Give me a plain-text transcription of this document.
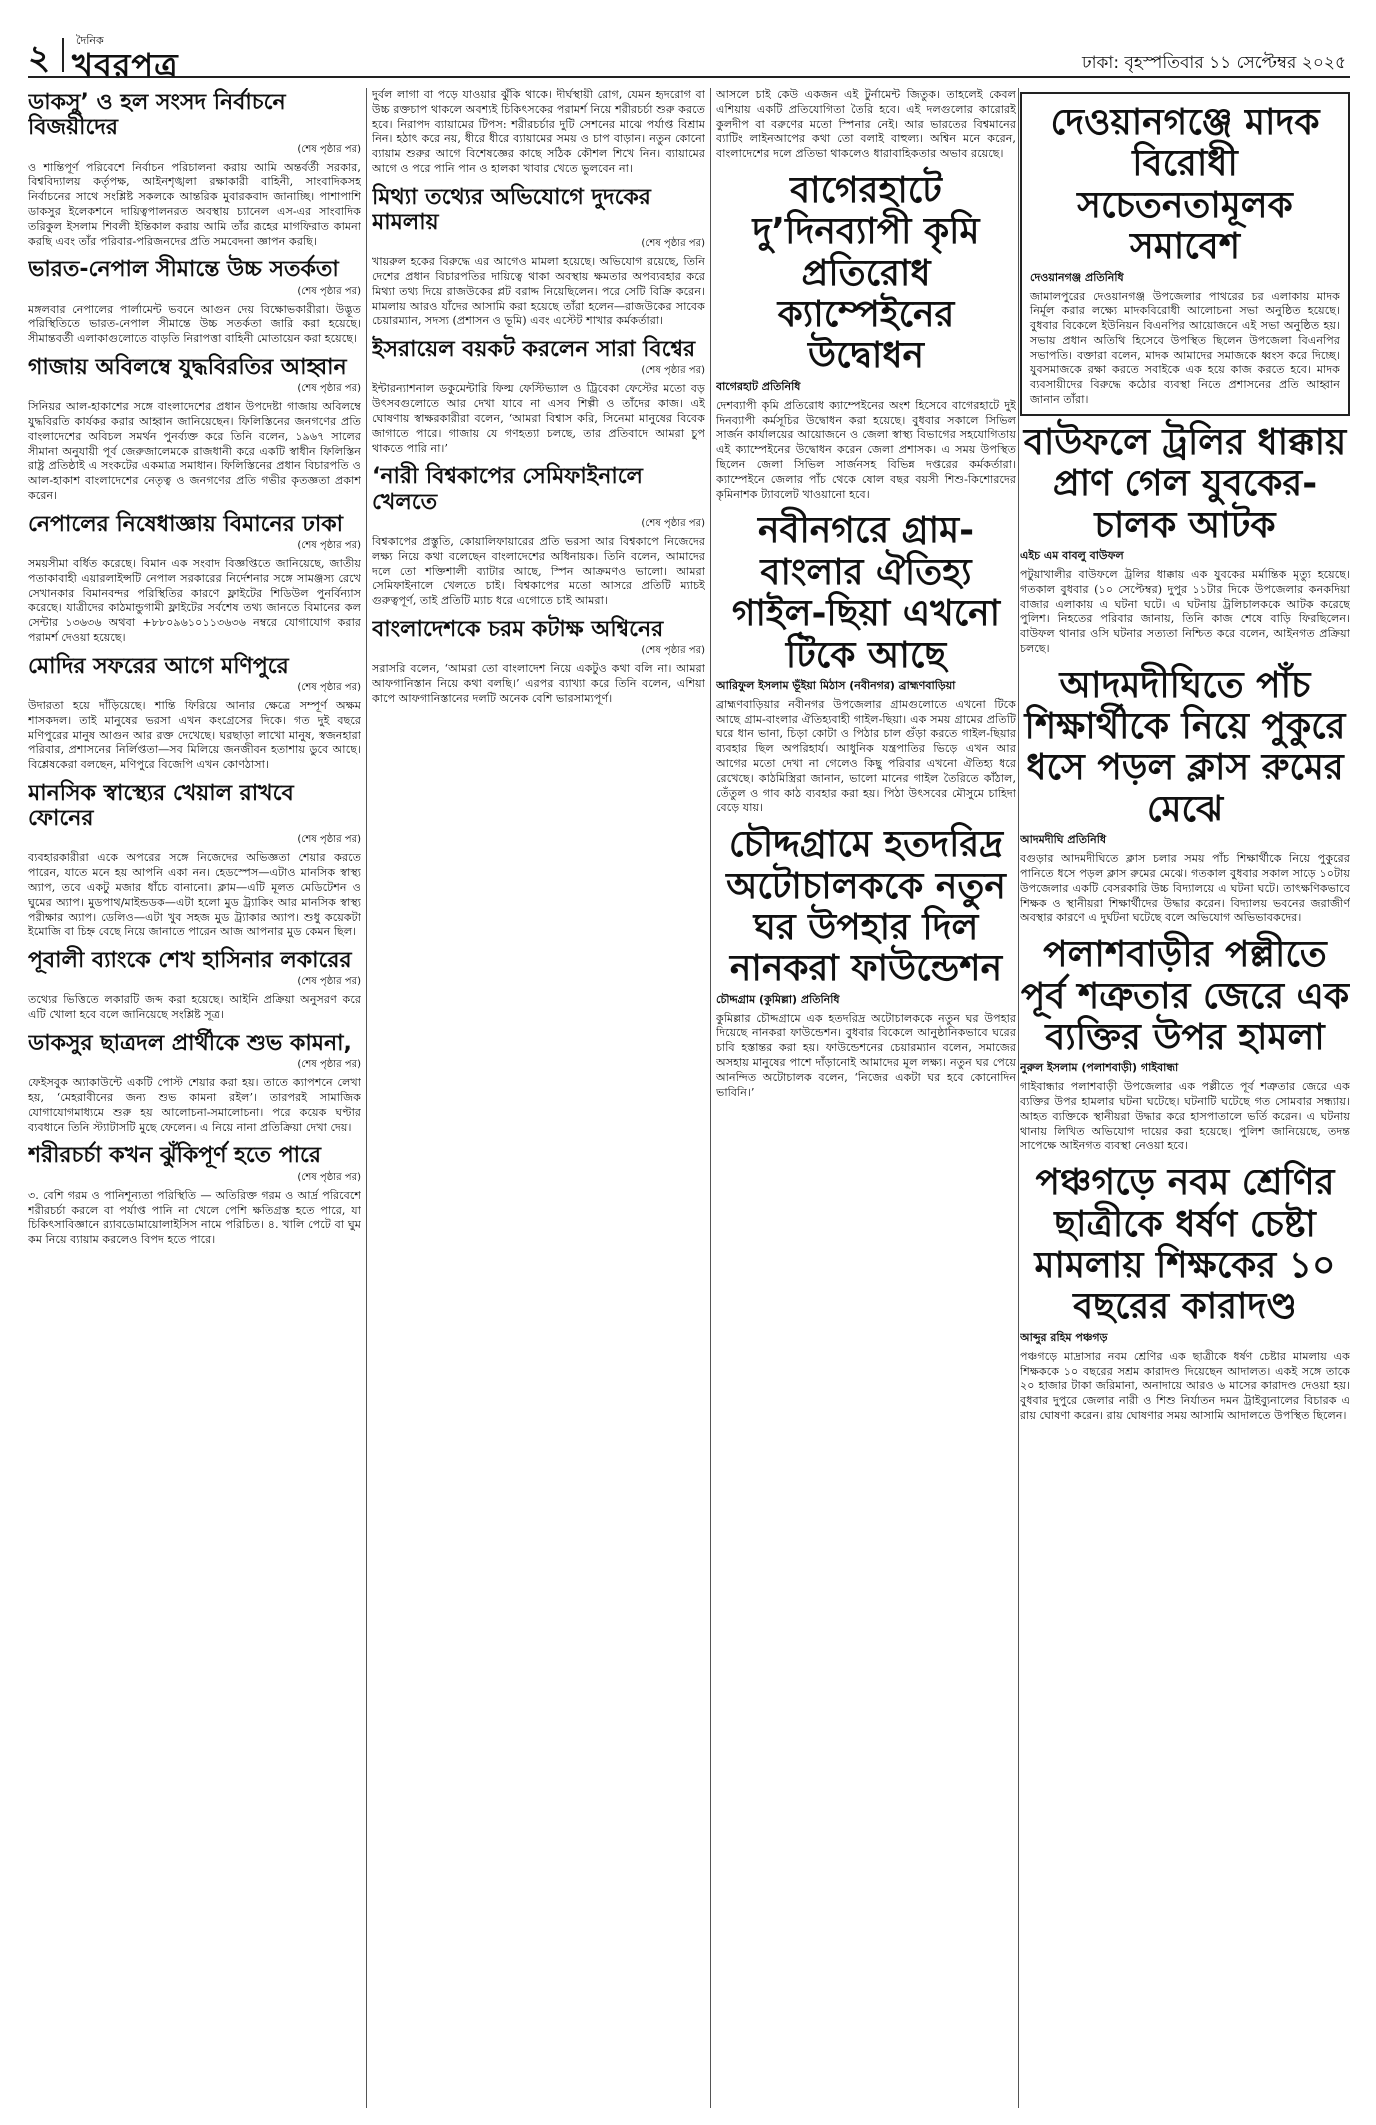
২ দৈনিক
খবরপত্র	ঢাকা: বৃহস্পতিবার ১১ সেপ্টেম্বর ২০২৫
ডাকসু’ ও হল সংসদ নির্বাচনে বিজয়ীদের
(শেষ পৃষ্ঠার পর)

ও শান্তিপূর্ণ পরিবেশে নির্বাচন পরিচালনা করায় আমি অন্তর্বর্তী সরকার, বিশ্ববিদ্যালয় কর্তৃপক্ষ, আইনশৃঙ্খলা রক্ষাকারী বাহিনী, সাংবাদিকসহ নির্বাচনের সাথে সংশ্লিষ্ট সকলকে আন্তরিক মুবারকবাদ জানাচ্ছি। পাশাপাশি ডাকসুর ইলেকশনে দায়িত্বপালনরত অবস্থায় চ্যানেল এস-এর সাংবাদিক তরিকুল ইসলাম শিবলী ইন্তিকাল করায় আমি তাঁর রূহের মাগফিরাত কামনা করছি এবং তাঁর পরিবার-পরিজনদের প্রতি সমবেদনা জ্ঞাপন করছি।

ভারত-নেপাল সীমান্তে উচ্চ সতর্কতা
(শেষ পৃষ্ঠার পর)

মঙ্গলবার নেপালের পার্লামেন্ট ভবনে আগুন দেয় বিক্ষোভকারীরা। উদ্ভূত পরিস্থিতিতে ভারত-নেপাল সীমান্তে উচ্চ সতর্কতা জারি করা হয়েছে। সীমান্তবর্তী এলাকাগুলোতে বাড়তি নিরাপত্তা বাহিনী মোতায়েন করা হয়েছে।

গাজায় অবিলম্বে যুদ্ধবিরতির আহ্বান
(শেষ পৃষ্ঠার পর)

সিনিয়র আল-হাকাশের সঙ্গে বাংলাদেশের প্রধান উপদেষ্টা গাজায় অবিলম্বে যুদ্ধবিরতি কার্যকর করার আহ্বান জানিয়েছেন। ফিলিস্তিনের জনগণের প্রতি বাংলাদেশের অবিচল সমর্থন পুনর্ব্যক্ত করে তিনি বলেন, ১৯৬৭ সালের সীমানা অনুযায়ী পূর্ব জেরুজালেমকে রাজধানী করে একটি স্বাধীন ফিলিস্তিন রাষ্ট্র প্রতিষ্ঠাই এ সংকটের একমাত্র সমাধান। ফিলিস্তিনের প্রধান বিচারপতি ও আল-হাকাশ বাংলাদেশের নেতৃত্ব ও জনগণের প্রতি গভীর কৃতজ্ঞতা প্রকাশ করেন।

নেপালের নিষেধাজ্ঞায় বিমানের ঢাকা
(শেষ পৃষ্ঠার পর)

সময়সীমা বর্ধিত করেছে। বিমান এক সংবাদ বিজ্ঞপ্তিতে জানিয়েছে, জাতীয় পতাকাবাহী এয়ারলাইন্সটি নেপাল সরকারের নির্দেশনার সঙ্গে সামঞ্জস্য রেখে সেখানকার বিমানবন্দর পরিস্থিতির কারণে ফ্লাইটের শিডিউল পুনর্বিন্যাস করেছে। যাত্রীদের কাঠমান্ডুগামী ফ্লাইটের সর্বশেষ তথ্য জানতে বিমানের কল সেন্টার ১৩৬৩৬ অথবা +৮৮০৯৬১০১১৩৬৩৬ নম্বরে যোগাযোগ করার পরামর্শ দেওয়া হয়েছে।

মোদির সফরের আগে মণিপুরে
(শেষ পৃষ্ঠার পর)

উদারতা হয়ে দাঁড়িয়েছে। শান্তি ফিরিয়ে আনার ক্ষেত্রে সম্পূর্ণ অক্ষম শাসকদল। তাই মানুষের ভরসা এখন কংগ্রেসের দিকে। গত দুই বছরে মণিপুরের মানুষ আগুন আর রক্ত দেখেছে। ঘরছাড়া লাখো মানুষ, স্বজনহারা পরিবার, প্রশাসনের নির্লিপ্ততা—সব মিলিয়ে জনজীবন হতাশায় ডুবে আছে। বিশ্লেষকেরা বলছেন, মণিপুরে বিজেপি এখন কোণঠাসা।

মানসিক স্বাস্থ্যের খেয়াল রাখবে ফোনের
(শেষ পৃষ্ঠার পর)

ব্যবহারকারীরা একে অপরের সঙ্গে নিজেদের অভিজ্ঞতা শেয়ার করতে পারেন, যাতে মনে হয় আপনি একা নন। হেডস্পেস—এটাও মানসিক স্বাস্থ্য অ্যাপ, তবে একটু মজার ধাঁচে বানানো। ক্লাম—এটি মূলত মেডিটেশন ও ঘুমের অ্যাপ। মুডপাথ/মাইন্ডডক—এটা হলো মুড ট্র্যাকিং আর মানসিক স্বাস্থ্য পরীক্ষার অ্যাপ। ডেলিও—এটা খুব সহজ মুড ট্র্যাকার অ্যাপ। শুধু কয়েকটা ইমোজি বা চিহ্ন বেছে নিয়ে জানাতে পারেন আজ আপনার মুড কেমন ছিল।

পূবালী ব্যাংকে শেখ হাসিনার লকারের
(শেষ পৃষ্ঠার পর)

তথ্যের ভিত্তিতে লকারটি জব্দ করা হয়েছে। আইনি প্রক্রিয়া অনুসরণ করে এটি খোলা হবে বলে জানিয়েছে সংশ্লিষ্ট সূত্র।

ডাকসুর ছাত্রদল প্রার্থীকে শুভ কামনা,
(শেষ পৃষ্ঠার পর)

ফেইসবুক অ্যাকাউন্টে একটি পোস্ট শেয়ার করা হয়। তাতে ক্যাপশনে লেখা হয়, ‘মেহরাবীনের জন্য শুভ কামনা রইল’। তারপরই সামাজিক যোগাযোগমাধ্যমে শুরু হয় আলোচনা-সমালোচনা। পরে কয়েক ঘণ্টার ব্যবধানে তিনি স্ট্যাটাসটি মুছে ফেলেন। এ নিয়ে নানা প্রতিক্রিয়া দেখা দেয়।

শরীরচর্চা কখন ঝুঁকিপূর্ণ হতে পারে
(শেষ পৃষ্ঠার পর)

৩. বেশি গরম ও পানিশূন্যতা পরিস্থিতি — অতিরিক্ত গরম ও আর্দ্র পরিবেশে শরীরচর্চা করলে বা পর্যাপ্ত পানি না খেলে পেশি ক্ষতিগ্রস্ত হতে পারে, যা চিকিৎসাবিজ্ঞানে র‍্যাবডোমায়োলাইসিস নামে পরিচিত। ৪. খালি পেটে বা ঘুম কম নিয়ে ব্যায়াম করলেও বিপদ হতে পারে।

দুর্বল লাগা বা পড়ে যাওয়ার ঝুঁকি থাকে। দীর্ঘস্থায়ী রোগ, যেমন হৃদরোগ বা উচ্চ রক্তচাপ থাকলে অবশ্যই চিকিৎসকের পরামর্শ নিয়ে শরীরচর্চা শুরু করতে হবে। নিরাপদ ব্যায়ামের টিপস: শরীরচর্চার দুটি সেশনের মাঝে পর্যাপ্ত বিশ্রাম নিন। হঠাৎ করে নয়, ধীরে ধীরে ব্যায়ামের সময় ও চাপ বাড়ান। নতুন কোনো ব্যায়াম শুরুর আগে বিশেষজ্ঞের কাছে সঠিক কৌশল শিখে নিন। ব্যায়ামের আগে ও পরে পানি পান ও হালকা খাবার খেতে ভুলবেন না।

মিথ্যা তথ্যের অভিযোগে দুদকের মামলায়
(শেষ পৃষ্ঠার পর)

খায়রুল হকের বিরুদ্ধে এর আগেও মামলা হয়েছে। অভিযোগ রয়েছে, তিনি দেশের প্রধান বিচারপতির দায়িত্বে থাকা অবস্থায় ক্ষমতার অপব্যবহার করে মিথ্যা তথ্য দিয়ে রাজউকের প্লট বরাদ্দ নিয়েছিলেন। পরে সেটি বিক্রি করেন। মামলায় আরও যাঁদের আসামি করা হয়েছে তাঁরা হলেন—রাজউকের সাবেক চেয়ারম্যান, সদস্য (প্রশাসন ও ভূমি) এবং এস্টেট শাখার কর্মকর্তারা।

ইসরায়েল বয়কট করলেন সারা বিশ্বের
(শেষ পৃষ্ঠার পর)

ইন্টারন্যাশনাল ডকুমেন্টারি ফিল্ম ফেস্টিভ্যাল ও ট্রিবেকা ফেস্টের মতো বড় উৎসবগুলোতে আর দেখা যাবে না এসব শিল্পী ও তাঁদের কাজ। এই ঘোষণায় স্বাক্ষরকারীরা বলেন, ‘আমরা বিশ্বাস করি, সিনেমা মানুষের বিবেক জাগাতে পারে। গাজায় যে গণহত্যা চলছে, তার প্রতিবাদে আমরা চুপ থাকতে পারি না।’

‘নারী বিশ্বকাপের সেমিফাইনালে খেলতে
(শেষ পৃষ্ঠার পর)

বিশ্বকাপের প্রস্তুতি, কোয়ালিফায়ারের প্রতি ভরসা আর বিশ্বকাপে নিজেদের লক্ষ্য নিয়ে কথা বলেছেন বাংলাদেশের অধিনায়ক। তিনি বলেন, আমাদের দলে তো শক্তিশালী ব্যাটার আছে, স্পিন আক্রমণও ভালো। আমরা সেমিফাইনালে খেলতে চাই। বিশ্বকাপের মতো আসরে প্রতিটি ম্যাচই গুরুত্বপূর্ণ, তাই প্রতিটি ম্যাচ ধরে এগোতে চাই আমরা।

বাংলাদেশকে চরম কটাক্ষ অশ্বিনের
(শেষ পৃষ্ঠার পর)

সরাসরি বলেন, ‘আমরা তো বাংলাদেশ নিয়ে একটুও কথা বলি না। আমরা আফগানিস্তান নিয়ে কথা বলছি।’ এরপর ব্যাখ্যা করে তিনি বলেন, এশিয়া কাপে আফগানিস্তানের দলটি অনেক বেশি ভারসাম্যপূর্ণ।

আসলে চাই কেউ একজন এই টুর্নামেন্ট জিতুক। তাহলেই কেবল এশিয়ায় একটি প্রতিযোগিতা তৈরি হবে। এই দলগুলোর কারোরই কুলদীপ বা বরুণের মতো স্পিনার নেই। আর ভারতের বিশ্বমানের ব্যাটিং লাইনআপের কথা তো বলাই বাহুল্য। অশ্বিন মনে করেন, বাংলাদেশের দলে প্রতিভা থাকলেও ধারাবাহিকতার অভাব রয়েছে।

বাগেরহাটে দু’দিনব্যাপী কৃমি প্রতিরোধ ক্যাম্পেইনের উদ্বোধন
বাগেরহাট প্রতিনিধি

দেশব্যাপী কৃমি প্রতিরোধ ক্যাম্পেইনের অংশ হিসেবে বাগেরহাটে দুই দিনব্যাপী কর্মসূচির উদ্বোধন করা হয়েছে। বুধবার সকালে সিভিল সার্জন কার্যালয়ের আয়োজনে ও জেলা স্বাস্থ্য বিভাগের সহযোগিতায় এই ক্যাম্পেইনের উদ্বোধন করেন জেলা প্রশাসক। এ সময় উপস্থিত ছিলেন জেলা সিভিল সার্জনসহ বিভিন্ন দপ্তরের কর্মকর্তারা। ক্যাম্পেইনে জেলার পাঁচ থেকে ষোল বছর বয়সী শিশু-কিশোরদের কৃমিনাশক ট্যাবলেট খাওয়ানো হবে।

নবীনগরে গ্রাম-বাংলার ঐতিহ্য গাইল-ছিয়া এখনো টিকে আছে
আরিফুল ইসলাম ভূঁইয়া মিঠাস (নবীনগর) ব্রাহ্মণবাড়িয়া

ব্রাহ্মণবাড়িয়ার নবীনগর উপজেলার গ্রামগুলোতে এখনো টিকে আছে গ্রাম-বাংলার ঐতিহ্যবাহী গাইল-ছিয়া। এক সময় গ্রামের প্রতিটি ঘরে ধান ভানা, চিড়া কোটা ও পিঠার চাল গুঁড়া করতে গাইল-ছিয়ার ব্যবহার ছিল অপরিহার্য। আধুনিক যন্ত্রপাতির ভিড়ে এখন আর আগের মতো দেখা না গেলেও কিছু পরিবার এখনো ঐতিহ্য ধরে রেখেছে। কাঠমিস্ত্রিরা জানান, ভালো মানের গাইল তৈরিতে কাঁঠাল, তেঁতুল ও গাব কাঠ ব্যবহার করা হয়। পিঠা উৎসবের মৌসুমে চাহিদা বেড়ে যায়।

চৌদ্দগ্রামে হতদরিদ্র অটোচালককে নতুন ঘর উপহার দিল নানকরা ফাউন্ডেশন
চৌদ্দগ্রাম (কুমিল্লা) প্রতিনিধি

কুমিল্লার চৌদ্দগ্রামে এক হতদরিদ্র অটোচালককে নতুন ঘর উপহার দিয়েছে নানকরা ফাউন্ডেশন। বুধবার বিকেলে আনুষ্ঠানিকভাবে ঘরের চাবি হস্তান্তর করা হয়। ফাউন্ডেশনের চেয়ারম্যান বলেন, সমাজের অসহায় মানুষের পাশে দাঁড়ানোই আমাদের মূল লক্ষ্য। নতুন ঘর পেয়ে আনন্দিত অটোচালক বলেন, ‘নিজের একটা ঘর হবে কোনোদিন ভাবিনি।’

দেওয়ানগঞ্জে মাদক বিরোধী সচেতনতামূলক সমাবেশ
দেওয়ানগঞ্জ প্রতিনিধি

জামালপুরের দেওয়ানগঞ্জ উপজেলার পাথরের চর এলাকায় মাদক নির্মূল করার লক্ষ্যে মাদকবিরোধী আলোচনা সভা অনুষ্ঠিত হয়েছে। বুধবার বিকেলে ইউনিয়ন বিএনপির আয়োজনে এই সভা অনুষ্ঠিত হয়। সভায় প্রধান অতিথি হিসেবে উপস্থিত ছিলেন উপজেলা বিএনপির সভাপতি। বক্তারা বলেন, মাদক আমাদের সমাজকে ধ্বংস করে দিচ্ছে। যুবসমাজকে রক্ষা করতে সবাইকে এক হয়ে কাজ করতে হবে। মাদক ব্যবসায়ীদের বিরুদ্ধে কঠোর ব্যবস্থা নিতে প্রশাসনের প্রতি আহ্বান জানান তাঁরা।

বাউফলে ট্রলির ধাক্কায় প্রাণ গেল যুবকের-চালক আটক
এইচ এম বাবলু বাউফল

পটুয়াখালীর বাউফলে ট্রলির ধাক্কায় এক যুবকের মর্মান্তিক মৃত্যু হয়েছে। গতকাল বুধবার (১০ সেপ্টেম্বর) দুপুর ১১টার দিকে উপজেলার কনকদিয়া বাজার এলাকায় এ ঘটনা ঘটে। এ ঘটনায় ট্রলিচালককে আটক করেছে পুলিশ। নিহতের পরিবার জানায়, তিনি কাজ শেষে বাড়ি ফিরছিলেন। বাউফল থানার ওসি ঘটনার সত্যতা নিশ্চিত করে বলেন, আইনগত প্রক্রিয়া চলছে।

আদমদীঘিতে পাঁচ শিক্ষার্থীকে নিয়ে পুকুরে ধসে পড়ল ক্লাস রুমের মেঝে
আদমদীঘি প্রতিনিধি

বগুড়ার আদমদীঘিতে ক্লাস চলার সময় পাঁচ শিক্ষার্থীকে নিয়ে পুকুরের পানিতে ধসে পড়ল ক্লাস রুমের মেঝে। গতকাল বুধবার সকাল সাড়ে ১০টায় উপজেলার একটি বেসরকারি উচ্চ বিদ্যালয়ে এ ঘটনা ঘটে। তাৎক্ষণিকভাবে শিক্ষক ও স্থানীয়রা শিক্ষার্থীদের উদ্ধার করেন। বিদ্যালয় ভবনের জরাজীর্ণ অবস্থার কারণে এ দুর্ঘটনা ঘটেছে বলে অভিযোগ অভিভাবকদের।

পলাশবাড়ীর পল্লীতে পূর্ব শত্রুতার জেরে এক ব্যক্তির উপর হামলা
নুরুল ইসলাম (পলাশবাড়ী) গাইবান্ধা

গাইবান্ধার পলাশবাড়ী উপজেলার এক পল্লীতে পূর্ব শত্রুতার জেরে এক ব্যক্তির উপর হামলার ঘটনা ঘটেছে। ঘটনাটি ঘটেছে গত সোমবার সন্ধ্যায়। আহত ব্যক্তিকে স্থানীয়রা উদ্ধার করে হাসপাতালে ভর্তি করেন। এ ঘটনায় থানায় লিখিত অভিযোগ দায়ের করা হয়েছে। পুলিশ জানিয়েছে, তদন্ত সাপেক্ষে আইনগত ব্যবস্থা নেওয়া হবে।

পঞ্চগড়ে নবম শ্রেণির ছাত্রীকে ধর্ষণ চেষ্টা মামলায় শিক্ষকের ১০ বছরের কারাদণ্ড
আব্দুর রহিম পঞ্চগড়

পঞ্চগড়ে মাদ্রাসার নবম শ্রেণির এক ছাত্রীকে ধর্ষণ চেষ্টার মামলায় এক শিক্ষককে ১০ বছরের সশ্রম কারাদণ্ড দিয়েছেন আদালত। একই সঙ্গে তাকে ২০ হাজার টাকা জরিমানা, অনাদায়ে আরও ৬ মাসের কারাদণ্ড দেওয়া হয়। বুধবার দুপুরে জেলার নারী ও শিশু নির্যাতন দমন ট্রাইব্যুনালের বিচারক এ রায় ঘোষণা করেন। রায় ঘোষণার সময় আসামি আদালতে উপস্থিত ছিলেন।
